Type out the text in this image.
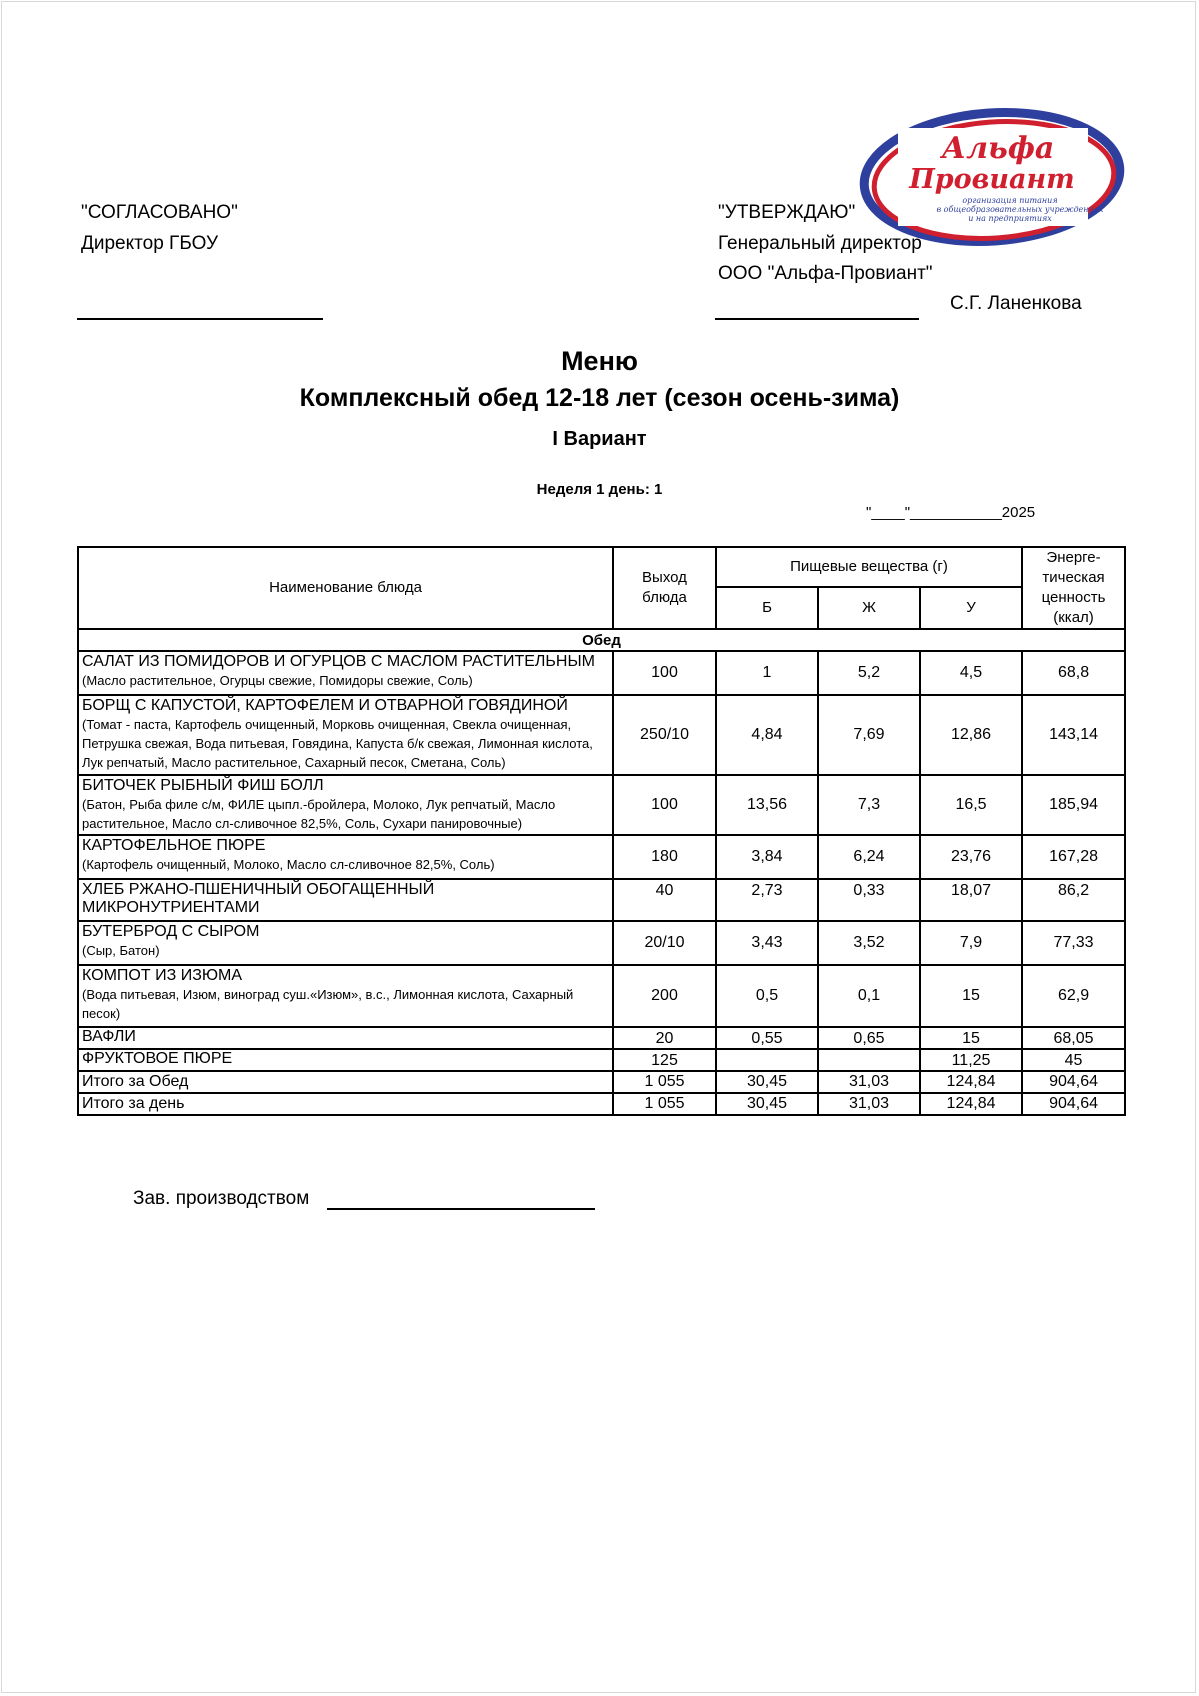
Альфа
Провиант
организация питания
в общеобразовательных учреждениях
и на предприятиях
"СОГЛАСОВАНО"
Директор ГБОУ
"УТВЕРЖДАЮ"
Генеральный директор
ООО "Альфа-Провиант"
С.Г. Ланенкова
Меню
Комплексный обед 12-18 лет (сезон осень-зима)
I Вариант
Неделя 1 день: 1
"____"___________2025
Наименование блюда	Выход блюда	Пищевые вещества (г)			Энерге-тическая ценность (ккал)
		Б	Ж	У	
Обед					

САЛАТ ИЗ ПОМИДОРОВ И ОГУРЦОВ С МАСЛОМ РАСТИТЕЛЬНЫМ
(Масло растительное, Огурцы свежие, Помидоры свежие, Соль)	100	1	5,2	4,5	68,8

БОРЩ С КАПУСТОЙ, КАРТОФЕЛЕМ И ОТВАРНОЙ ГОВЯДИНОЙ
(Томат - паста, Картофель очищенный, Морковь очищенная, Свекла очищенная, Петрушка свежая, Вода питьевая, Говядина, Капуста б/к свежая, Лимонная кислота, Лук репчатый, Масло растительное, Сахарный песок, Сметана, Соль)	250/10	4,84	7,69	12,86	143,14

БИТОЧЕК РЫБНЫЙ ФИШ БОЛЛ
(Батон, Рыба филе с/м, ФИЛЕ цыпл.-бройлера, Молоко, Лук репчатый, Масло растительное, Масло сл-сливочное 82,5%, Соль, Сухари панировочные)	100	13,56	7,3	16,5	185,94

КАРТОФЕЛЬНОЕ ПЮРЕ
(Картофель очищенный, Молоко, Масло сл-сливочное 82,5%, Соль)	180	3,84	6,24	23,76	167,28

ХЛЕБ РЖАНО-ПШЕНИЧНЫЙ ОБОГАЩЕННЫЙ МИКРОНУТРИЕНТАМИ	40	2,73	0,33	18,07	86,2

БУТЕРБРОД С СЫРОМ
(Сыр, Батон)	20/10	3,43	3,52	7,9	77,33

КОМПОТ ИЗ ИЗЮМА
(Вода питьевая, Изюм, виноград суш.«Изюм», в.с., Лимонная кислота, Сахарный песок)	200	0,5	0,1	15	62,9

ВАФЛИ	20	0,55	0,65	15	68,05

ФРУКТОВОЕ ПЮРЕ	125			11,25	45
Итого за Обед	1 055	30,45	31,03	124,84	904,64
Итого за день	1 055	30,45	31,03	124,84	904,64
Зав. производством
